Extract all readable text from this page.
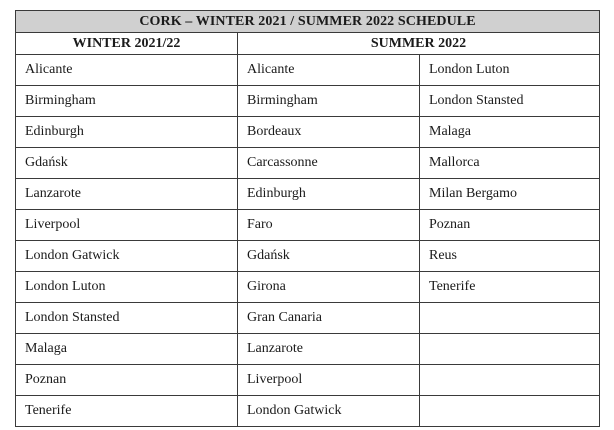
CORK – WINTER 2021 / SUMMER 2022 SCHEDULE		
WINTER 2021/22	SUMMER 2022	
Alicante	Alicante	London Luton
Birmingham	Birmingham	London Stansted
Edinburgh	Bordeaux	Malaga
Gdańsk	Carcassonne	Mallorca
Lanzarote	Edinburgh	Milan Bergamo
Liverpool	Faro	Poznan
London Gatwick	Gdańsk	Reus
London Luton	Girona	Tenerife
London Stansted	Gran Canaria	
Malaga	Lanzarote	
Poznan	Liverpool	
Tenerife	London Gatwick	
